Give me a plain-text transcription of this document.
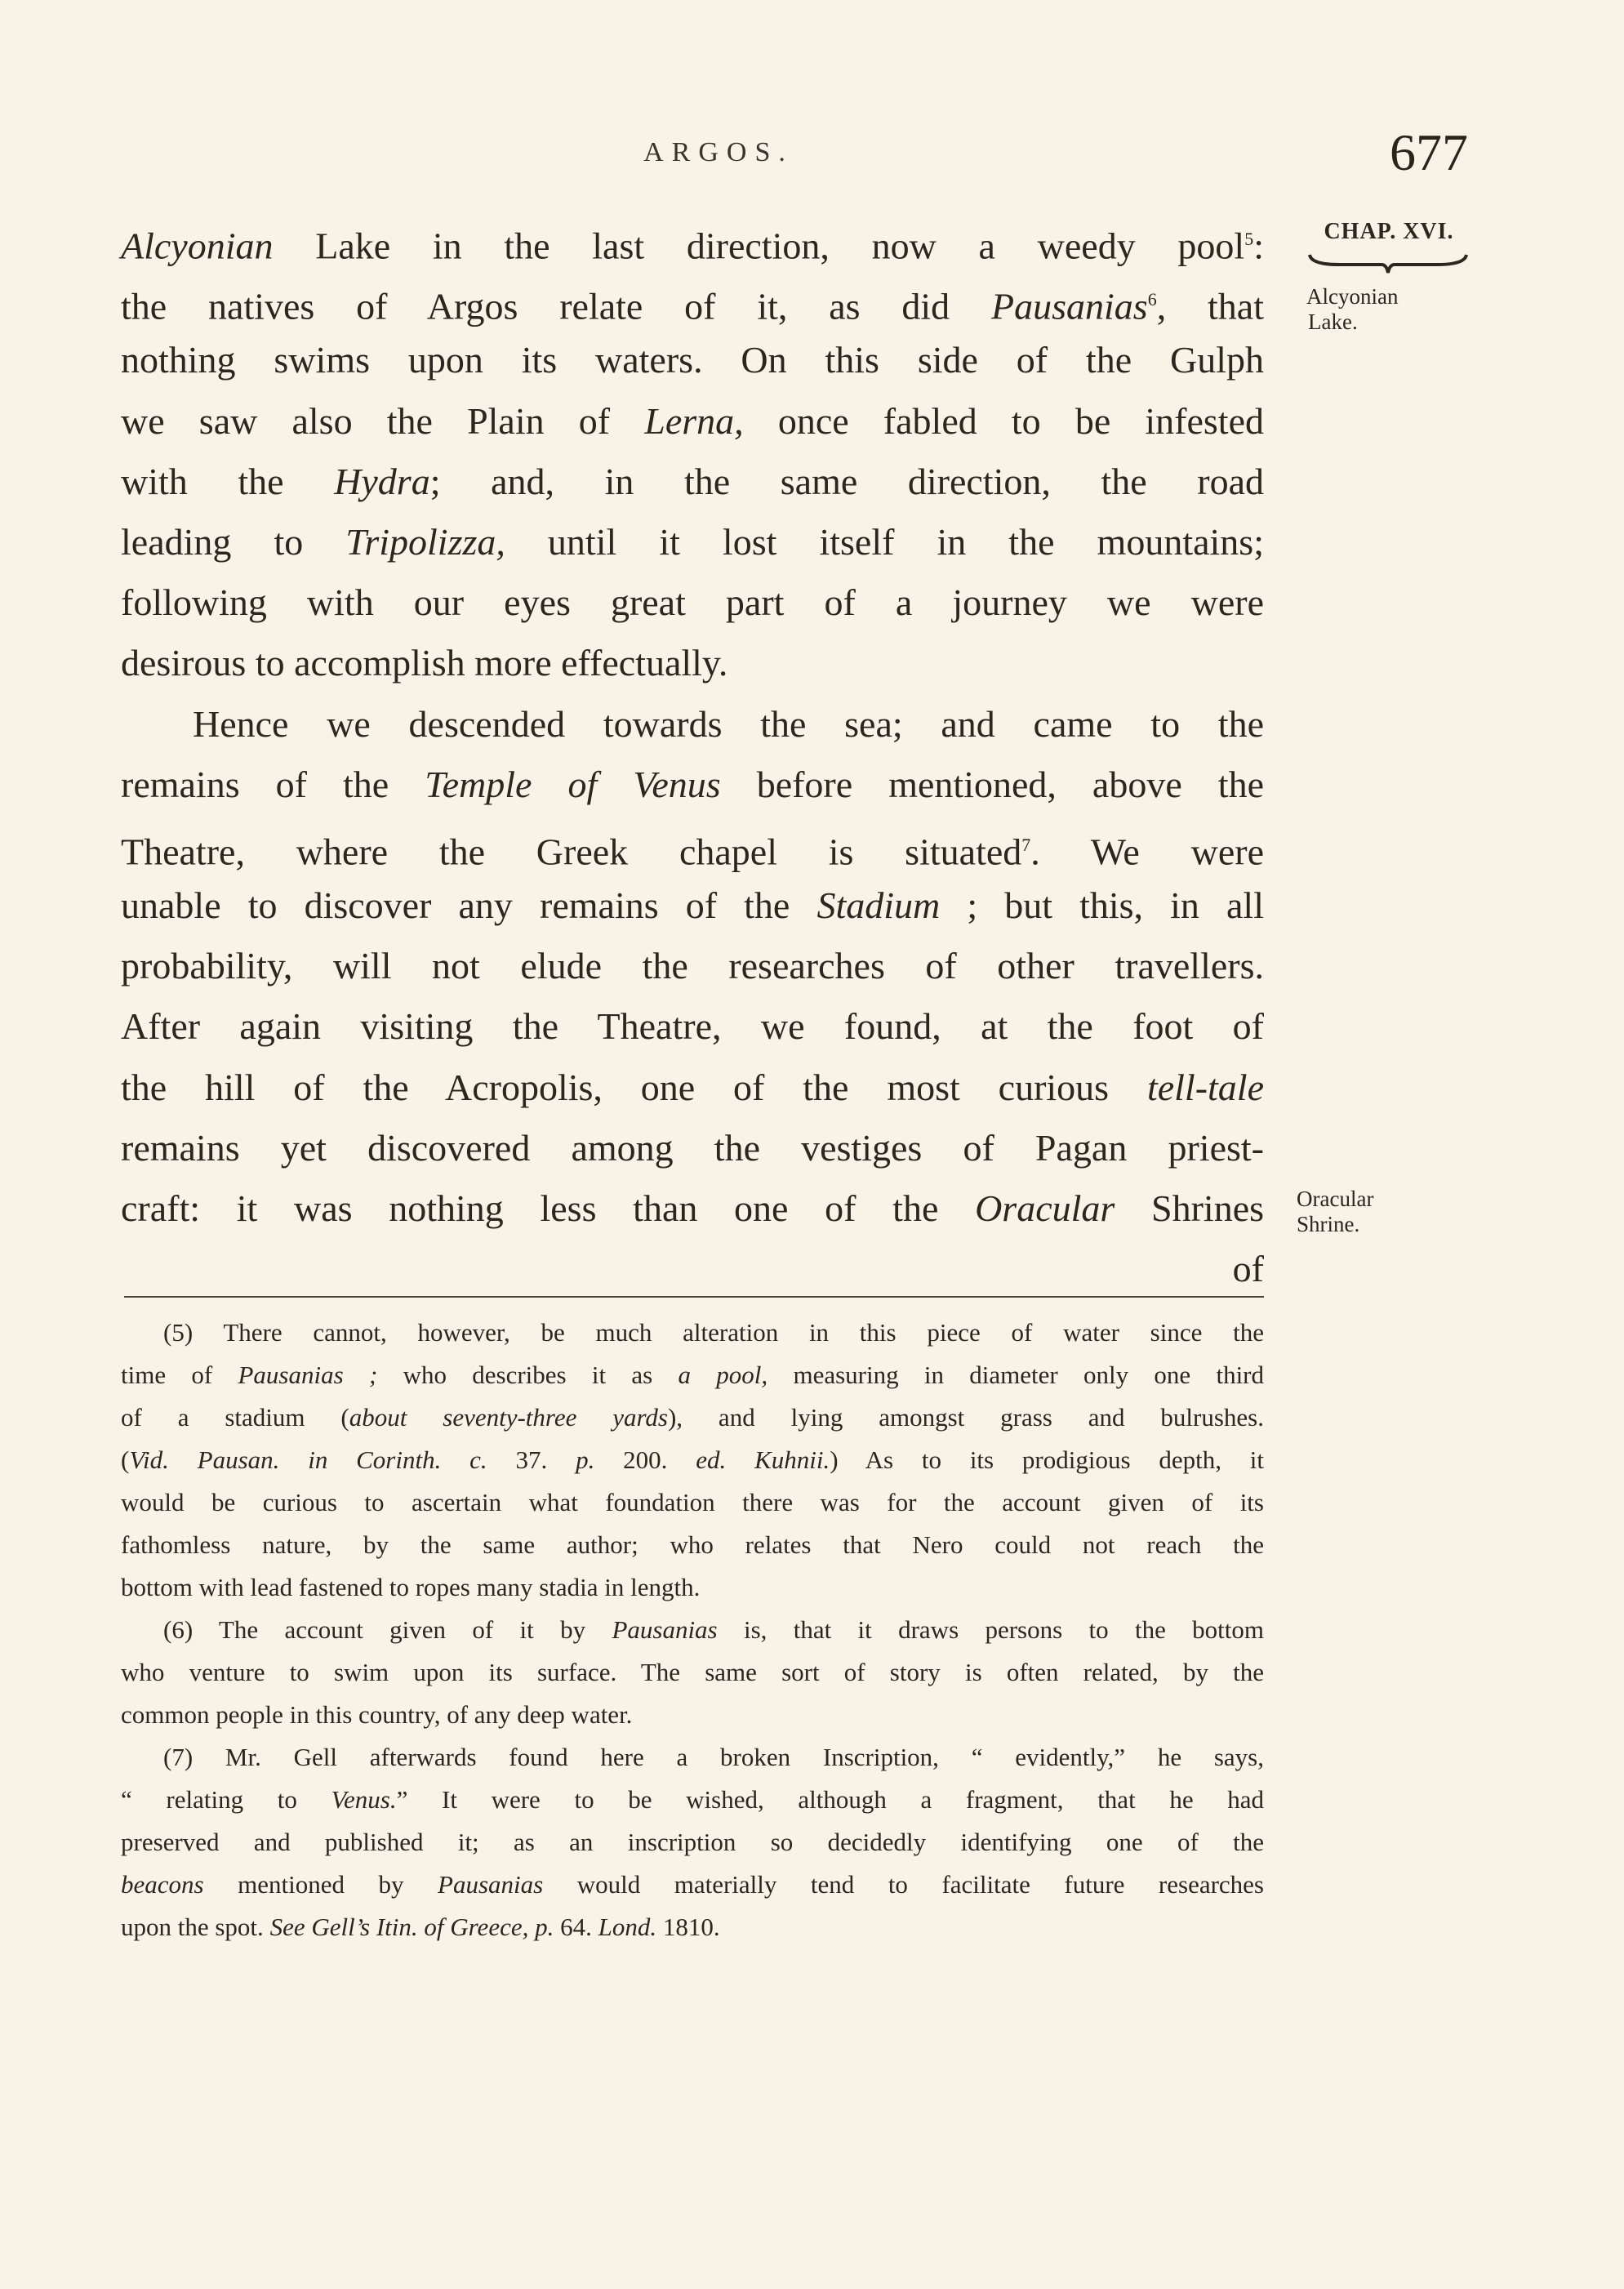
ARGOS.	677
CHAP. XVI.
Alcyonian
Lake.
Oracular
Shrine.
Alcyonian Lake in the last direction, now a weedy pool$^5$:
the natives of Argos relate of it, as did Pausanias$^6$, that
nothing swims upon its waters. On this side of the Gulph
we saw also the Plain of Lerna, once fabled to be infested
with the Hydra; and, in the same direction, the road
leading to Tripolizza, until it lost itself in the mountains;
following with our eyes great part of a journey we were
desirous to accomplish more effectually.
Hence we descended towards the sea; and came to the
remains of the Temple of Venus before mentioned, above the
Theatre, where the Greek chapel is situated$^7$. We were
unable to discover any remains of the Stadium ; but this, in all
probability, will not elude the researches of other travellers.
After again visiting the Theatre, we found, at the foot of
the hill of the Acropolis, one of the most curious tell-tale
remains yet discovered among the vestiges of Pagan priest-
craft: it was nothing less than one of the Oracular Shrines
of
(5) There cannot, however, be much alteration in this piece of water since the
time of Pausanias ; who describes it as a pool, measuring in diameter only one third
of a stadium (about seventy-three yards), and lying amongst grass and bulrushes.
(Vid. Pausan. in Corinth. c. 37. p. 200. ed. Kuhnii.) As to its prodigious depth, it
would be curious to ascertain what foundation there was for the account given of its
fathomless nature, by the same author; who relates that Nero could not reach the
bottom with lead fastened to ropes many stadia in length.
(6) The account given of it by Pausanias is, that it draws persons to the bottom
who venture to swim upon its surface. The same sort of story is often related, by the
common people in this country, of any deep water.
(7) Mr. Gell afterwards found here a broken Inscription, “ evidently,” he says,
“ relating to Venus.” It were to be wished, although a fragment, that he had
preserved and published it; as an inscription so decidedly identifying one of the
beacons mentioned by Pausanias would materially tend to facilitate future researches
upon the spot. See Gell’s Itin. of Greece, p. 64. Lond. 1810.
